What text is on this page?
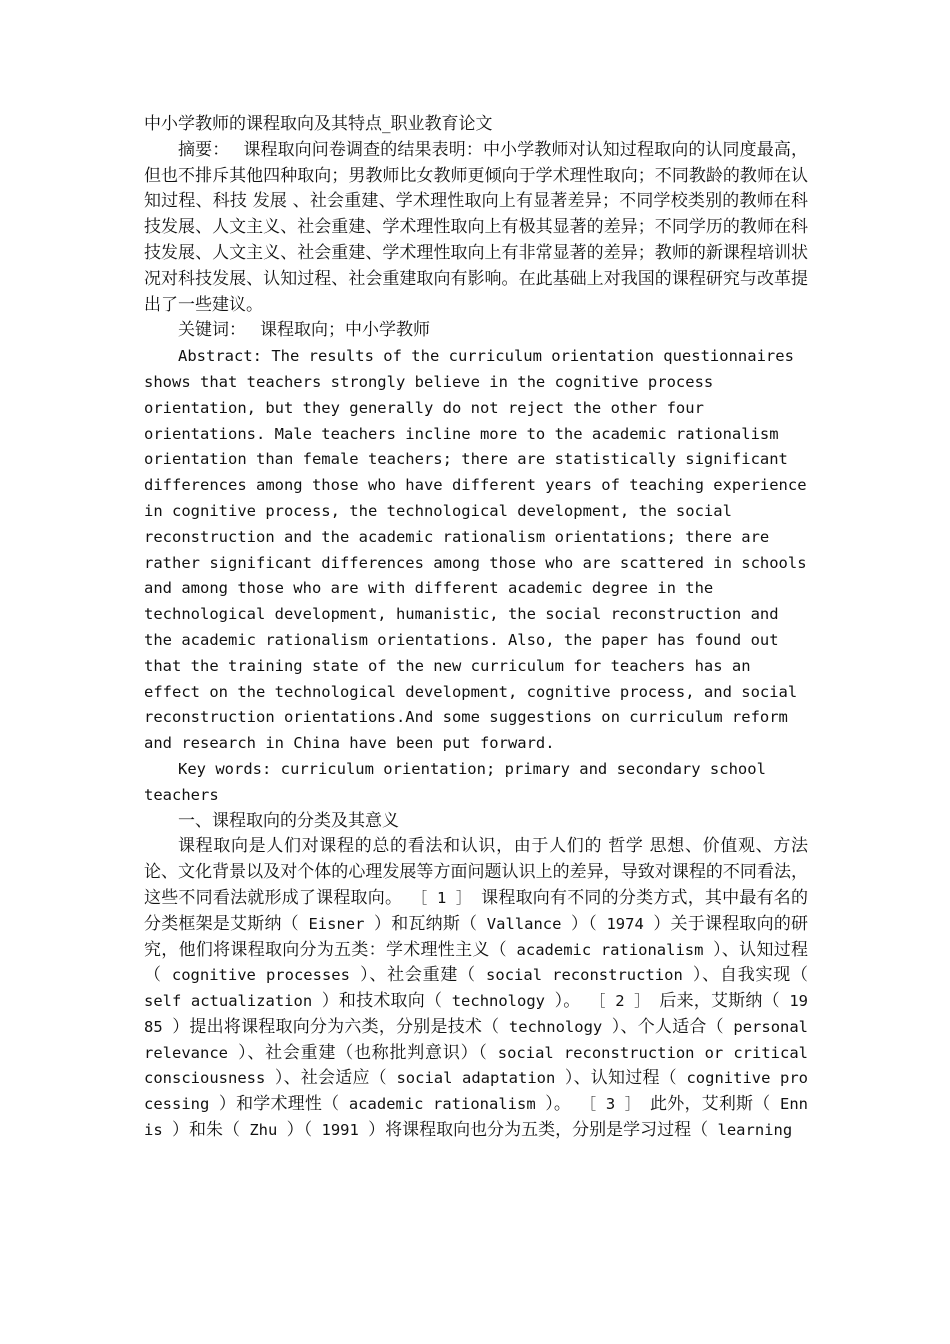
中小学教师的课程取向及其特点_职业教育论文

摘要： 课程取向问卷调查的结果表明：中小学教师对认知过程取向的认同度最高，但也不排斥其他四种取向；男教师比女教师更倾向于学术理性取向；不同教龄的教师在认知过程、科技 发展 、社会重建、学术理性取向上有显著差异；不同学校类别的教师在科技发展、人文主义、社会重建、学术理性取向上有极其显著的差异；不同学历的教师在科技发展、人文主义、社会重建、学术理性取向上有非常显著的差异；教师的新课程培训状况对科技发展、认知过程、社会重建取向有影响。在此基础上对我国的课程研究与改革提出了一些建议。

关键词： 课程取向；中小学教师

Abstract: The results of the curriculum orientation questionnaires shows that teachers strongly believe in the cognitive process orientation, but they generally do not reject the other four orientations. Male teachers incline more to the academic rationalism orientation than female teachers; there are statistically significant differences among those who have different years of teaching experience in cognitive process, the technological development, the social reconstruction and the academic rationalism orientations; there are rather significant differences among those who are scattered in schools and among those who are with different academic degree in the technological development, humanistic, the social reconstruction and the academic rationalism orientations. Also, the paper has found out that the training state of the new curriculum for teachers has an effect on the technological development, cognitive process, and social reconstruction orientations.And some suggestions on curriculum reform and research in China have been put forward.

Key words: curriculum orientation; primary and secondary school teachers

一、课程取向的分类及其意义

课程取向是人们对课程的总的看法和认识，由于人们的 哲学 思想、价值观、方法论、文化背景以及对个体的心理发展等方面问题认识上的差异，导致对课程的不同看法，这些不同看法就形成了课程取向。 ［ 1 ］ 课程取向有不同的分类方式，其中最有名的分类框架是艾斯纳（ Eisner ）和瓦纳斯（ Vallance ）（ 1974 ）关于课程取向的研究，他们将课程取向分为五类：学术理性主义（ academic rationalism ）、认知过程（ cognitive processes ）、社会重建（ social reconstruction ）、自我实现（ self actualization ）和技术取向（ technology ）。 ［ 2 ］ 后来，艾斯纳（ 1985 ）提出将课程取向分为六类，分别是技术（ technology ）、个人适合（ personal relevance ）、社会重建（也称批判意识）（ social reconstruction or critical consciousness ）、社会适应（ social adaptation ）、认知过程（ cognitive processing ）和学术理性（ academic rationalism ）。 ［ 3 ］ 此外，艾利斯（ Ennis ）和朱（ Zhu ）（ 1991 ）将课程取向也分为五类，分别是学习过程（ learning
